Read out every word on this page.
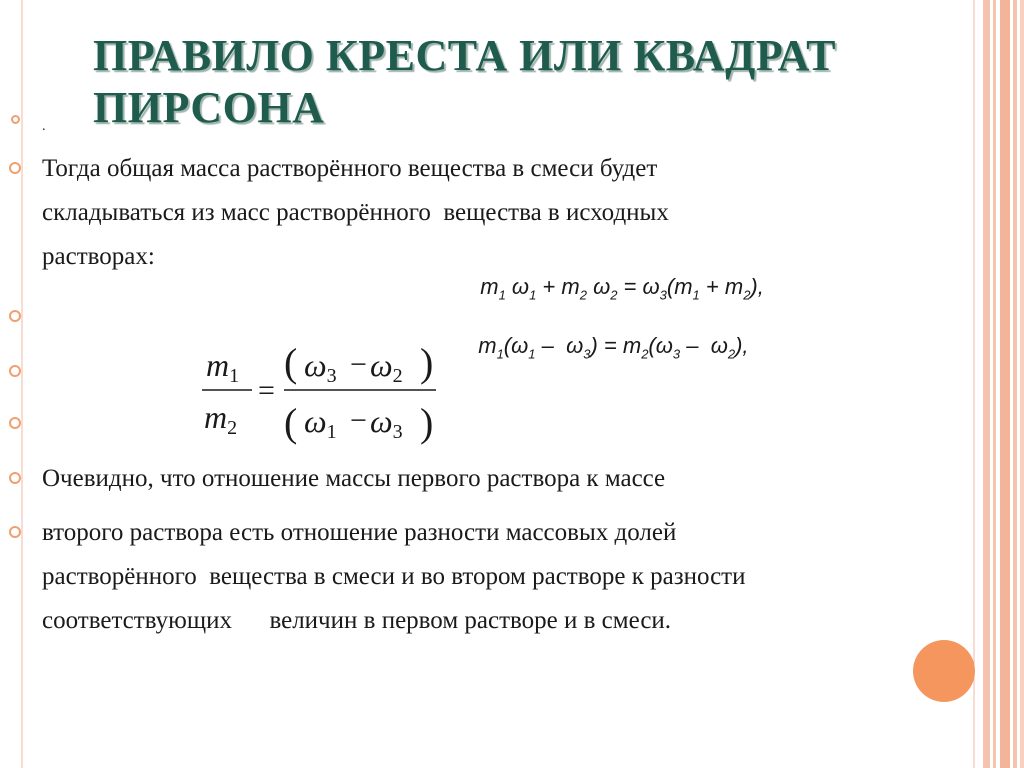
ПРАВИЛО КРЕСТА ИЛИ КВАДРАТ
ПИРСОНА
.
Тогда общая масса растворённого вещества в смеси будет
складываться из масс растворённого  вещества в исходных
растворах:

$m_1$ $\omega_1 + m_2$ $\omega_2 = \omega_3(m_1 + m_2)$,

$m_1(\omega_1 - \omega_3) = m_2(\omega_3 - \omega_2)$,

m1
m2
=
( ω3 − ω2 )
( ω1 − ω3 )
Очевидно, что отношение массы первого раствора к массе
второго раствора есть отношение разности массовых долей
растворённого  вещества в смеси и во втором растворе к разности
соответствующих      величин в первом растворе и в смеси.
